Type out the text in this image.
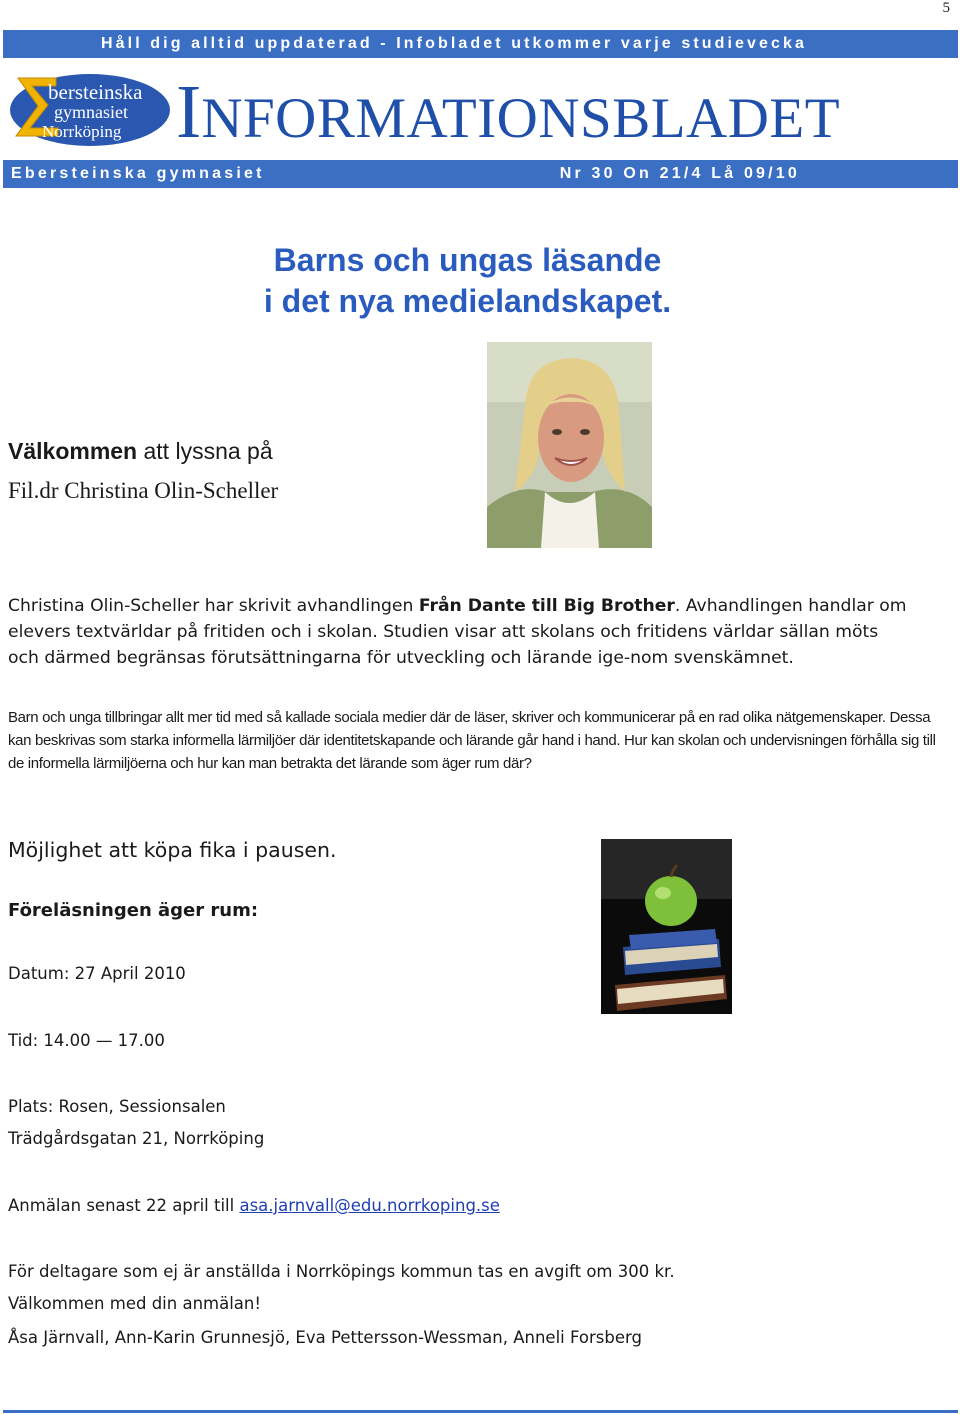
5
Håll dig alltid uppdaterad - Infobladet utkommer varje studievecka
bersteinska
gymnasiet
Norrköping INFORMATIONSBLADET
Ebersteinska gymnasiet	Nr 30 On 21/4 Lå 09/10
Barns och ungas läsande
i det nya medielandskapet.
Välkommen att lyssna på
Fil.dr Christina Olin-Scheller
Christina Olin-Scheller har skrivit avhandlingen Från Dante till Big Brother. Avhandlingen handlar om elevers textvärldar på fritiden och i skolan. Studien visar att skolans och fritidens världar sällan möts och därmed begränsas förutsättningarna för utveckling och lärande ige-nom svenskämnet.
Barn och unga tillbringar allt mer tid med så kallade sociala medier där de läser, skriver och kommunicerar på en rad olika nätgemenskaper. Dessa kan beskrivas som starka informella lärmiljöer där identitetskapande och lärande går hand i hand. Hur kan skolan och undervisningen förhålla sig till de informella lärmiljöerna och hur kan man betrakta det lärande som äger rum där?
Möjlighet att köpa fika i pausen.
Föreläsningen äger rum:
Datum: 27 April 2010
Tid: 14.00 — 17.00
Plats: Rosen, Sessionsalen
Trädgårdsgatan 21, Norrköping
Anmälan senast 22 april till asa.jarnvall@edu.norrkoping.se
För deltagare som ej är anställda i Norrköpings kommun tas en avgift om 300 kr.
Välkommen med din anmälan!
Åsa Järnvall, Ann-Karin Grunnesjö, Eva Pettersson-Wessman, Anneli Forsberg
